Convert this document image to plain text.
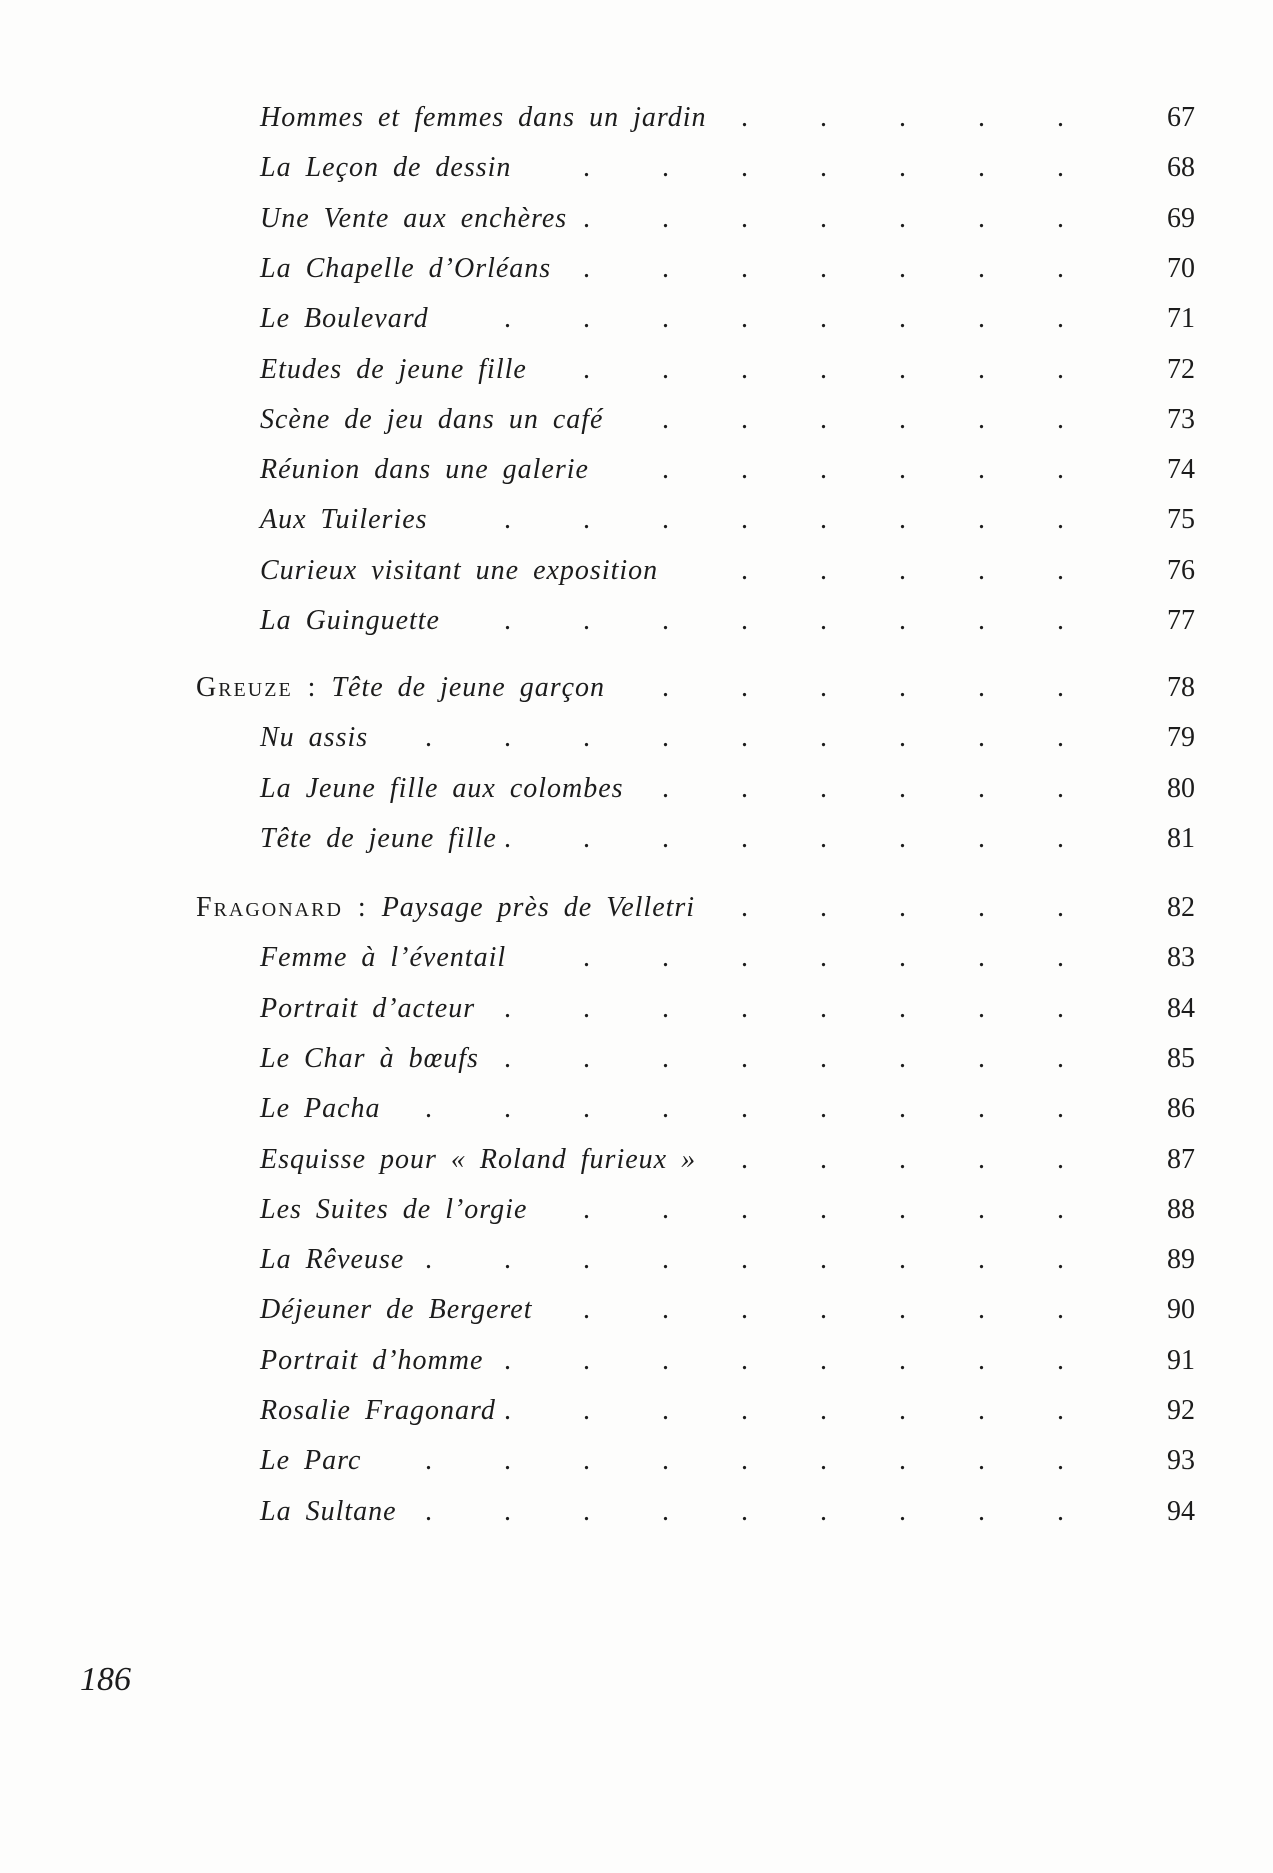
Hommes et femmes dans un jardin	.	.	.	.	.	67
La Leçon de dessin	.	.	.	.	.	.	.	68
Une Vente aux enchères .	.	.	.	.	.	.	69
La Chapelle d’Orléans	.	.	.	.	.	.	.	70
Le Boulevard	.	.	.	.	.	.	.	.	71
Etudes de jeune fille	.	.	.	.	.	.	.	72
Scène de jeu dans un café	.	.	.	.	.	.	73
Réunion dans une galerie	.	.	.	.	.	.	74
Aux Tuileries	.	.	.	.	.	.	.	.	75
Curieux visitant une exposition	.	.	.	.	.	76
La Guinguette	.	.	.	.	.	.	.	.	77
Greuze : Tête de jeune garçon	.	.	.	.	.	.	78
Nu assis	.	.	.	.	.	.	.	.	.	79
La Jeune fille aux colombes	.	.	.	.	.	.	80
Tête de jeune fille .	.	.	.	.	.	.	.	81
Fragonard : Paysage près de Velletri	.	.	.	.	.	82
Femme à l’éventail	.	.	.	.	.	.	.	83
Portrait d’acteur	.	.	.	.	.	.	.	.	84
Le Char à bœufs .	.	.	.	.	.	.	.	85
Le Pacha	.	.	.	.	.	.	.	.	.	86
Esquisse pour « Roland furieux »	.	.	.	.	.	87
Les Suites de l’orgie	.	.	.	.	.	.	.	88
La Rêveuse .	.	.	.	.	.	.	.	.	89
Déjeuner de Bergeret	.	.	.	.	.	.	.	90
Portrait d’homme .	.	.	.	.	.	.	.	91
Rosalie Fragonard .	.	.	.	.	.	.	.	92
Le Parc	.	.	.	.	.	.	.	.	.	93
La Sultane	.	.	.	.	.	.	.	.	.	94
186
